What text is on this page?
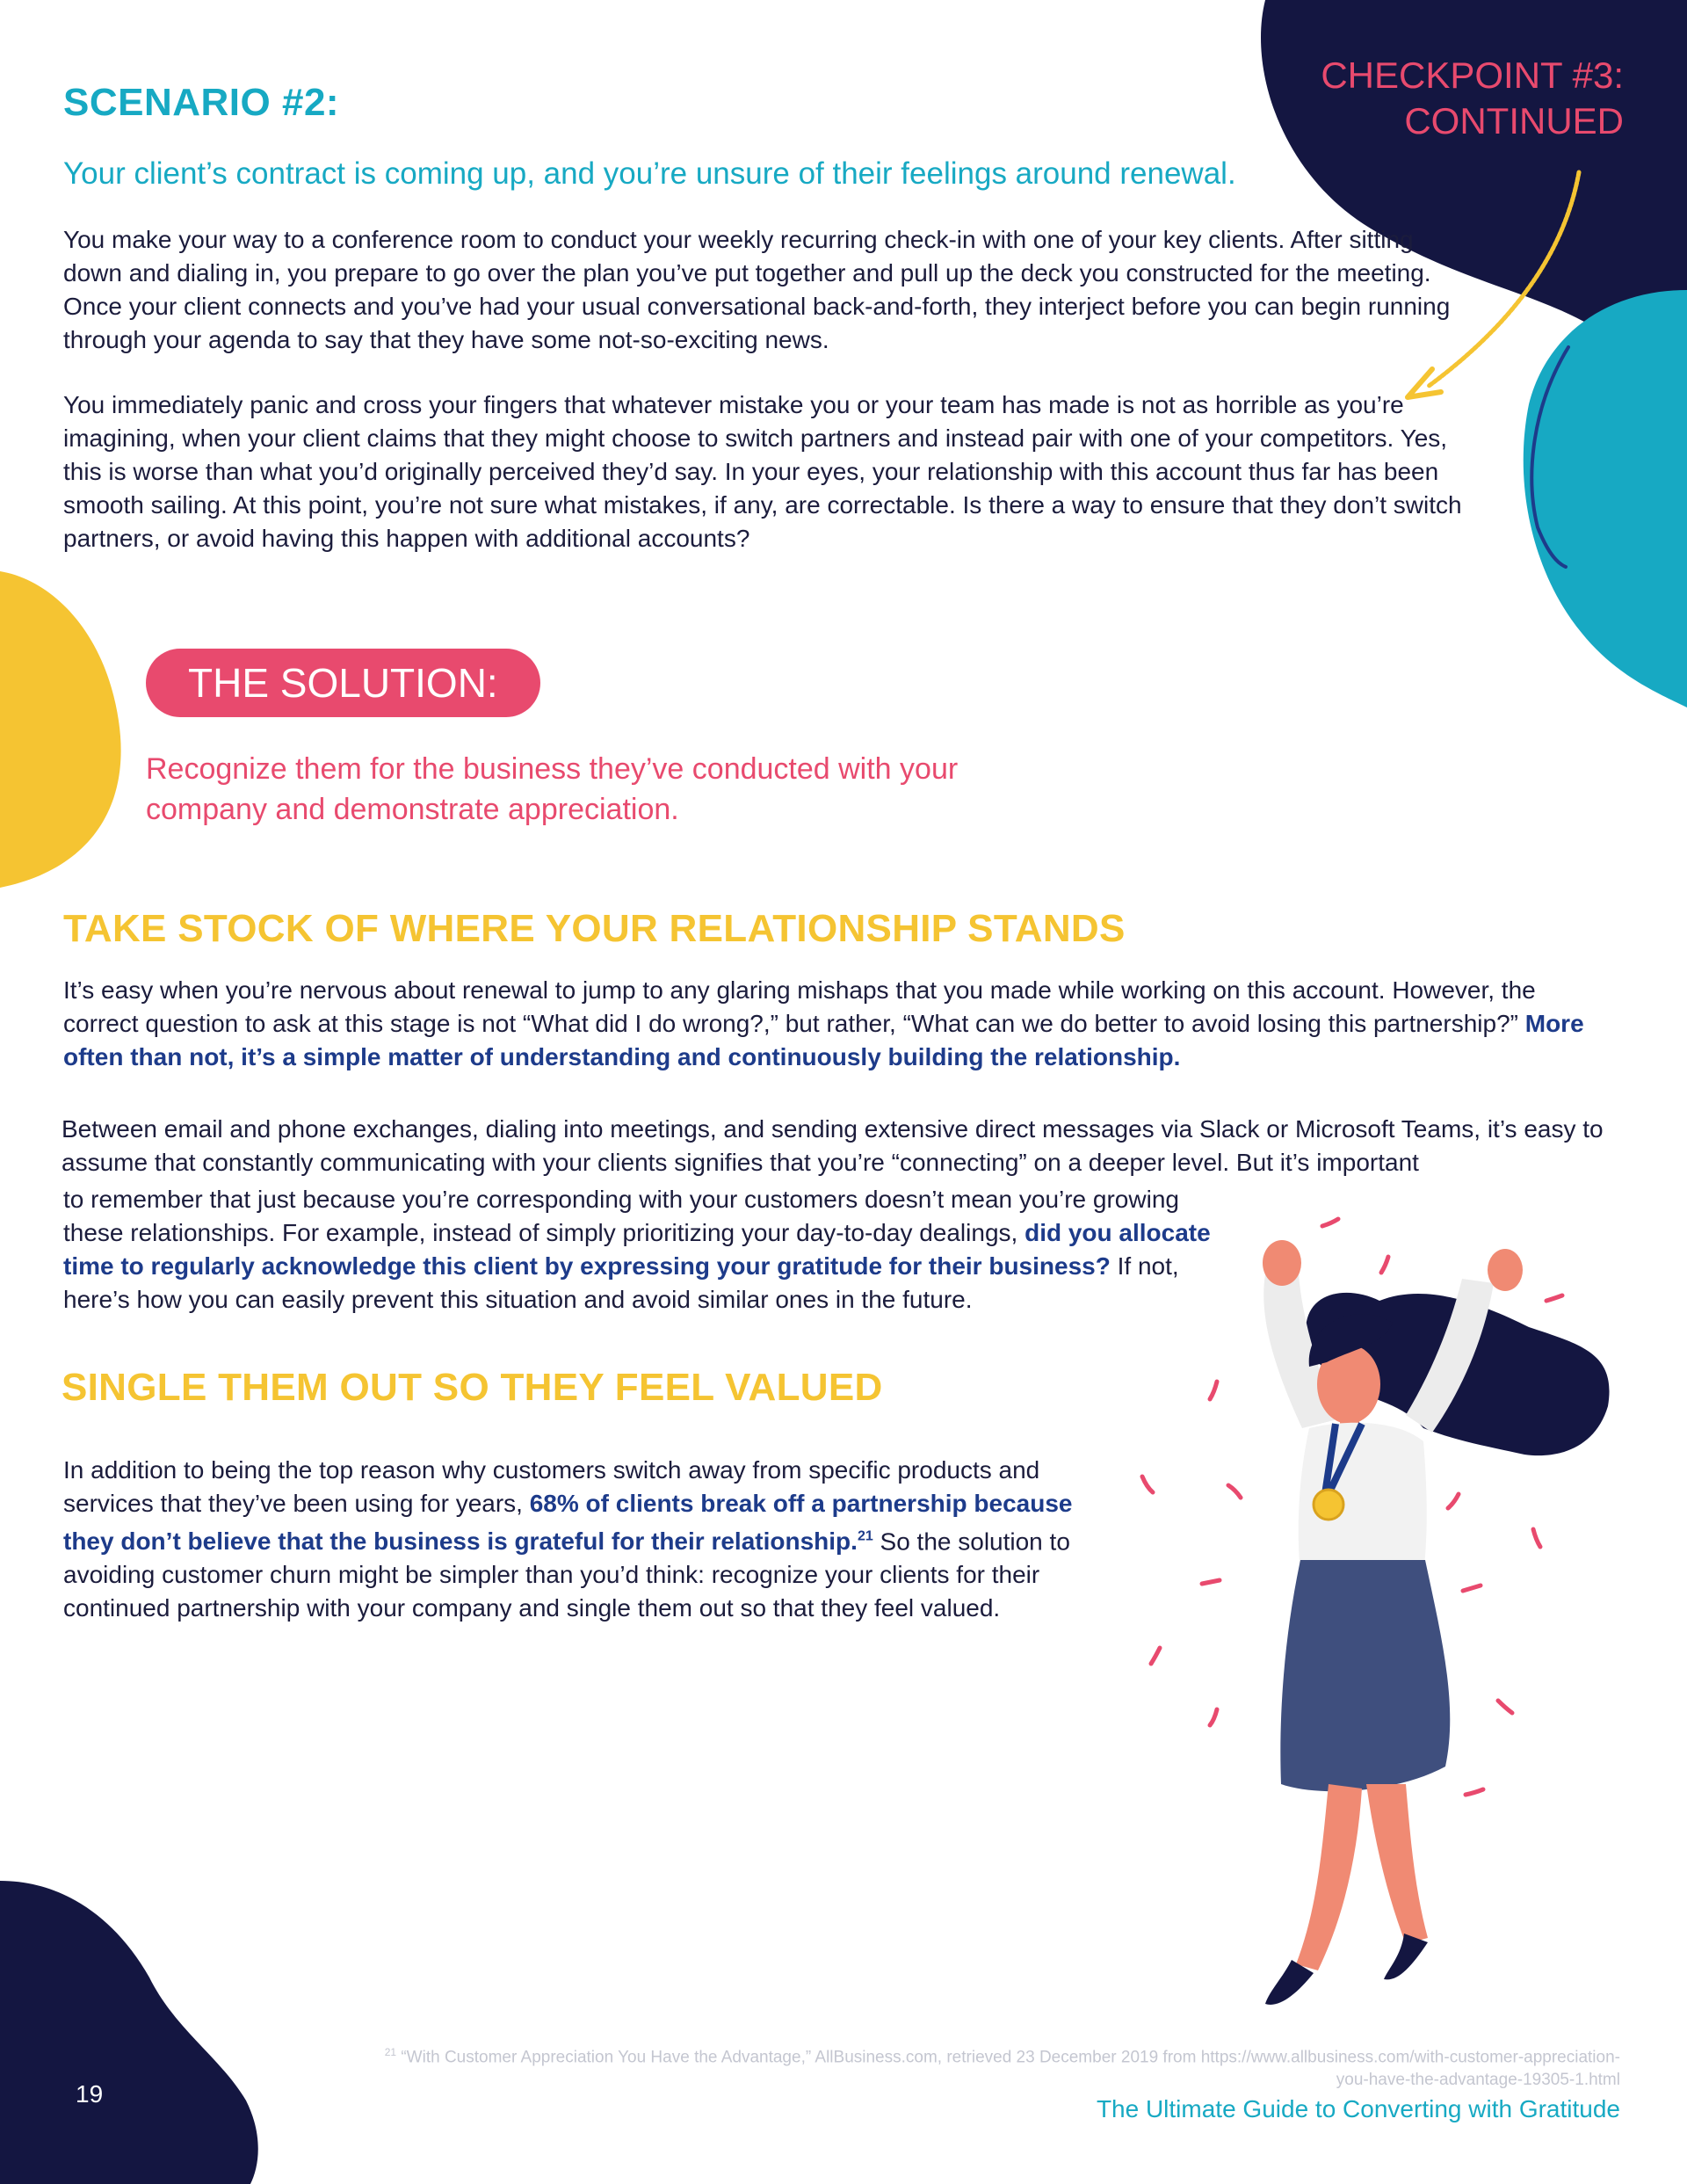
SCENARIO #2:
CHECKPOINT #3:
CONTINUED
Your client’s contract is coming up, and you’re unsure of their feelings around renewal.
You make your way to a conference room to conduct your weekly recurring check-in with one of your key clients. After sitting down and dialing in, you prepare to go over the plan you’ve put together and pull up the deck you constructed for the meeting. Once your client connects and you’ve had your usual conversational back-and-forth, they interject before you can begin running through your agenda to say that they have some not-so-exciting news.
You immediately panic and cross your fingers that whatever mistake you or your team has made is not as horrible as you’re imagining, when your client claims that they might choose to switch partners and instead pair with one of your competitors. Yes, this is worse than what you’d originally perceived they’d say. In your eyes, your relationship with this account thus far has been smooth sailing. At this point, you’re not sure what mistakes, if any, are correctable. Is there a way to ensure that they don’t switch partners, or avoid having this happen with additional accounts?
THE SOLUTION:
Recognize them for the business they’ve conducted with your company and demonstrate appreciation.
TAKE STOCK OF WHERE YOUR RELATIONSHIP STANDS
It’s easy when you’re nervous about renewal to jump to any glaring mishaps that you made while working on this account. However, the correct question to ask at this stage is not “What did I do wrong?,” but rather, “What can we do better to avoid losing this partnership?” More often than not, it’s a simple matter of understanding and continuously building the relationship.
Between email and phone exchanges, dialing into meetings, and sending extensive direct messages via Slack or Microsoft Teams, it’s easy to assume that constantly communicating with your clients signifies that you’re “connecting” on a deeper level. But it’s important
to remember that just because you’re corresponding with your customers doesn’t mean you’re growing these relationships. For example, instead of simply prioritizing your day-to-day dealings, did you allocate time to regularly acknowledge this client by expressing your gratitude for their business? If not, here’s how you can easily prevent this situation and avoid similar ones in the future.
SINGLE THEM OUT SO THEY FEEL VALUED
In addition to being the top reason why customers switch away from specific products and services that they’ve been using for years, 68% of clients break off a partnership because they don’t believe that the business is grateful for their relationship.$^{21}$ So the solution to avoiding customer churn might be simpler than you’d think: recognize your clients for their continued partnership with your company and single them out so that they feel valued.
19
$^{21}$ “With Customer Appreciation You Have the Advantage,” AllBusiness.com, retrieved 23 December 2019 from https://www.allbusiness.com/with-customer-appreciation-you-have-the-advantage-19305-1.html
The Ultimate Guide to Converting with Gratitude
